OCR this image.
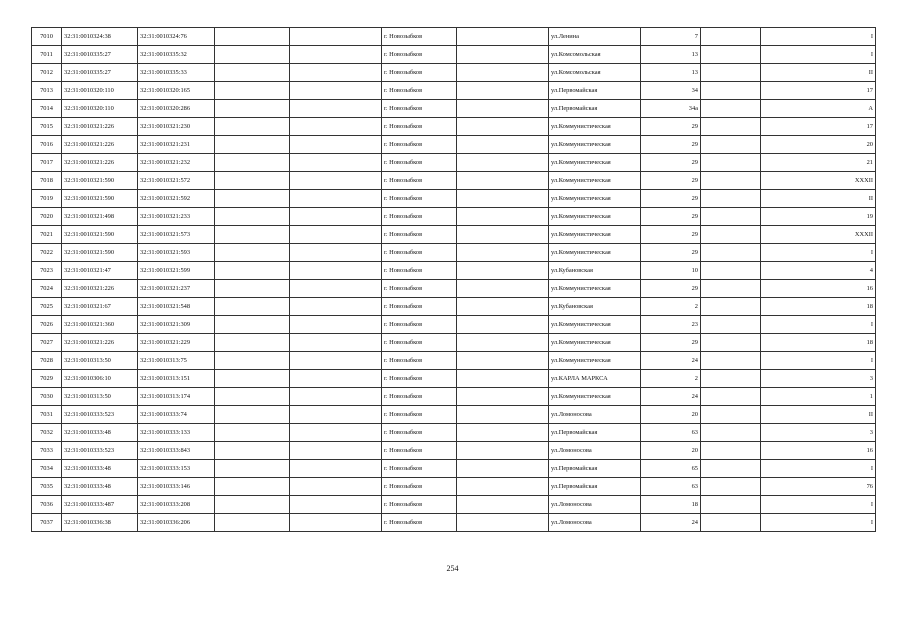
7010	32:31:0010324:38	32:31:0010324:76			г. Новозыбков		ул.Ленина	7		I
7011	32:31:0010335:27	32:31:0010335:32			г. Новозыбков		ул.Комсомольская	13		I
7012	32:31:0010335:27	32:31:0010335:33			г. Новозыбков		ул.Комсомольская	13		II
7013	32:31:0010320:110	32:31:0010320:165			г. Новозыбков		ул.Первомайская	34		17
7014	32:31:0010320:110	32:31:0010320:286			г. Новозыбков		ул.Первомайская	34а		А
7015	32:31:0010321:226	32:31:0010321:230			г. Новозыбков		ул.Коммунистическая	29		17
7016	32:31:0010321:226	32:31:0010321:231			г. Новозыбков		ул.Коммунистическая	29		20
7017	32:31:0010321:226	32:31:0010321:232			г. Новозыбков		ул.Коммунистическая	29		21
7018	32:31:0010321:590	32:31:0010321:572			г. Новозыбков		ул.Коммунистическая	29		XXXII
7019	32:31:0010321:590	32:31:0010321:592			г. Новозыбков		ул.Коммунистическая	29		II
7020	32:31:0010321:498	32:31:0010321:233			г. Новозыбков		ул.Коммунистическая	29		19
7021	32:31:0010321:590	32:31:0010321:573			г. Новозыбков		ул.Коммунистическая	29		XXXII
7022	32:31:0010321:590	32:31:0010321:593			г. Новозыбков		ул.Коммунистическая	29		I
7023	32:31:0010321:47	32:31:0010321:599			г. Новозыбков		ул.Кубановская	10		4
7024	32:31:0010321:226	32:31:0010321:237			г. Новозыбков		ул.Коммунистическая	29		16
7025	32:31:0010321:67	32:31:0010321:548			г. Новозыбков		ул.Кубановская	2		18
7026	32:31:0010321:360	32:31:0010321:309			г. Новозыбков		ул.Коммунистическая	23		I
7027	32:31:0010321:226	32:31:0010321:229			г. Новозыбков		ул.Коммунистическая	29		18
7028	32:31:0010313:50	32:31:0010313:75			г. Новозыбков		ул.Коммунистическая	24		I
7029	32:31:0010306:10	32:31:0010313:151			г. Новозыбков		ул.КАРЛА МАРКСА	2		3
7030	32:31:0010313:50	32:31:0010313:174			г. Новозыбков		ул.Коммунистическая	24		1
7031	32:31:0010333:523	32:31:0010333:74			г. Новозыбков		ул.Ломоносова	20		II
7032	32:31:0010333:48	32:31:0010333:133			г. Новозыбков		ул.Первомайская	63		3
7033	32:31:0010333:523	32:31:0010333:843			г. Новозыбков		ул.Ломоносова	20		16
7034	32:31:0010333:48	32:31:0010333:153			г. Новозыбков		ул.Первомайская	65		I
7035	32:31:0010333:48	32:31:0010333:146			г. Новозыбков		ул.Первомайская	63		76
7036	32:31:0010333:487	32:31:0010333:208			г. Новозыбков		ул.Ломоносова	18		I
7037	32:31:0010336:38	32:31:0010336:206			г. Новозыбков		ул.Ломоносова	24		I
254
